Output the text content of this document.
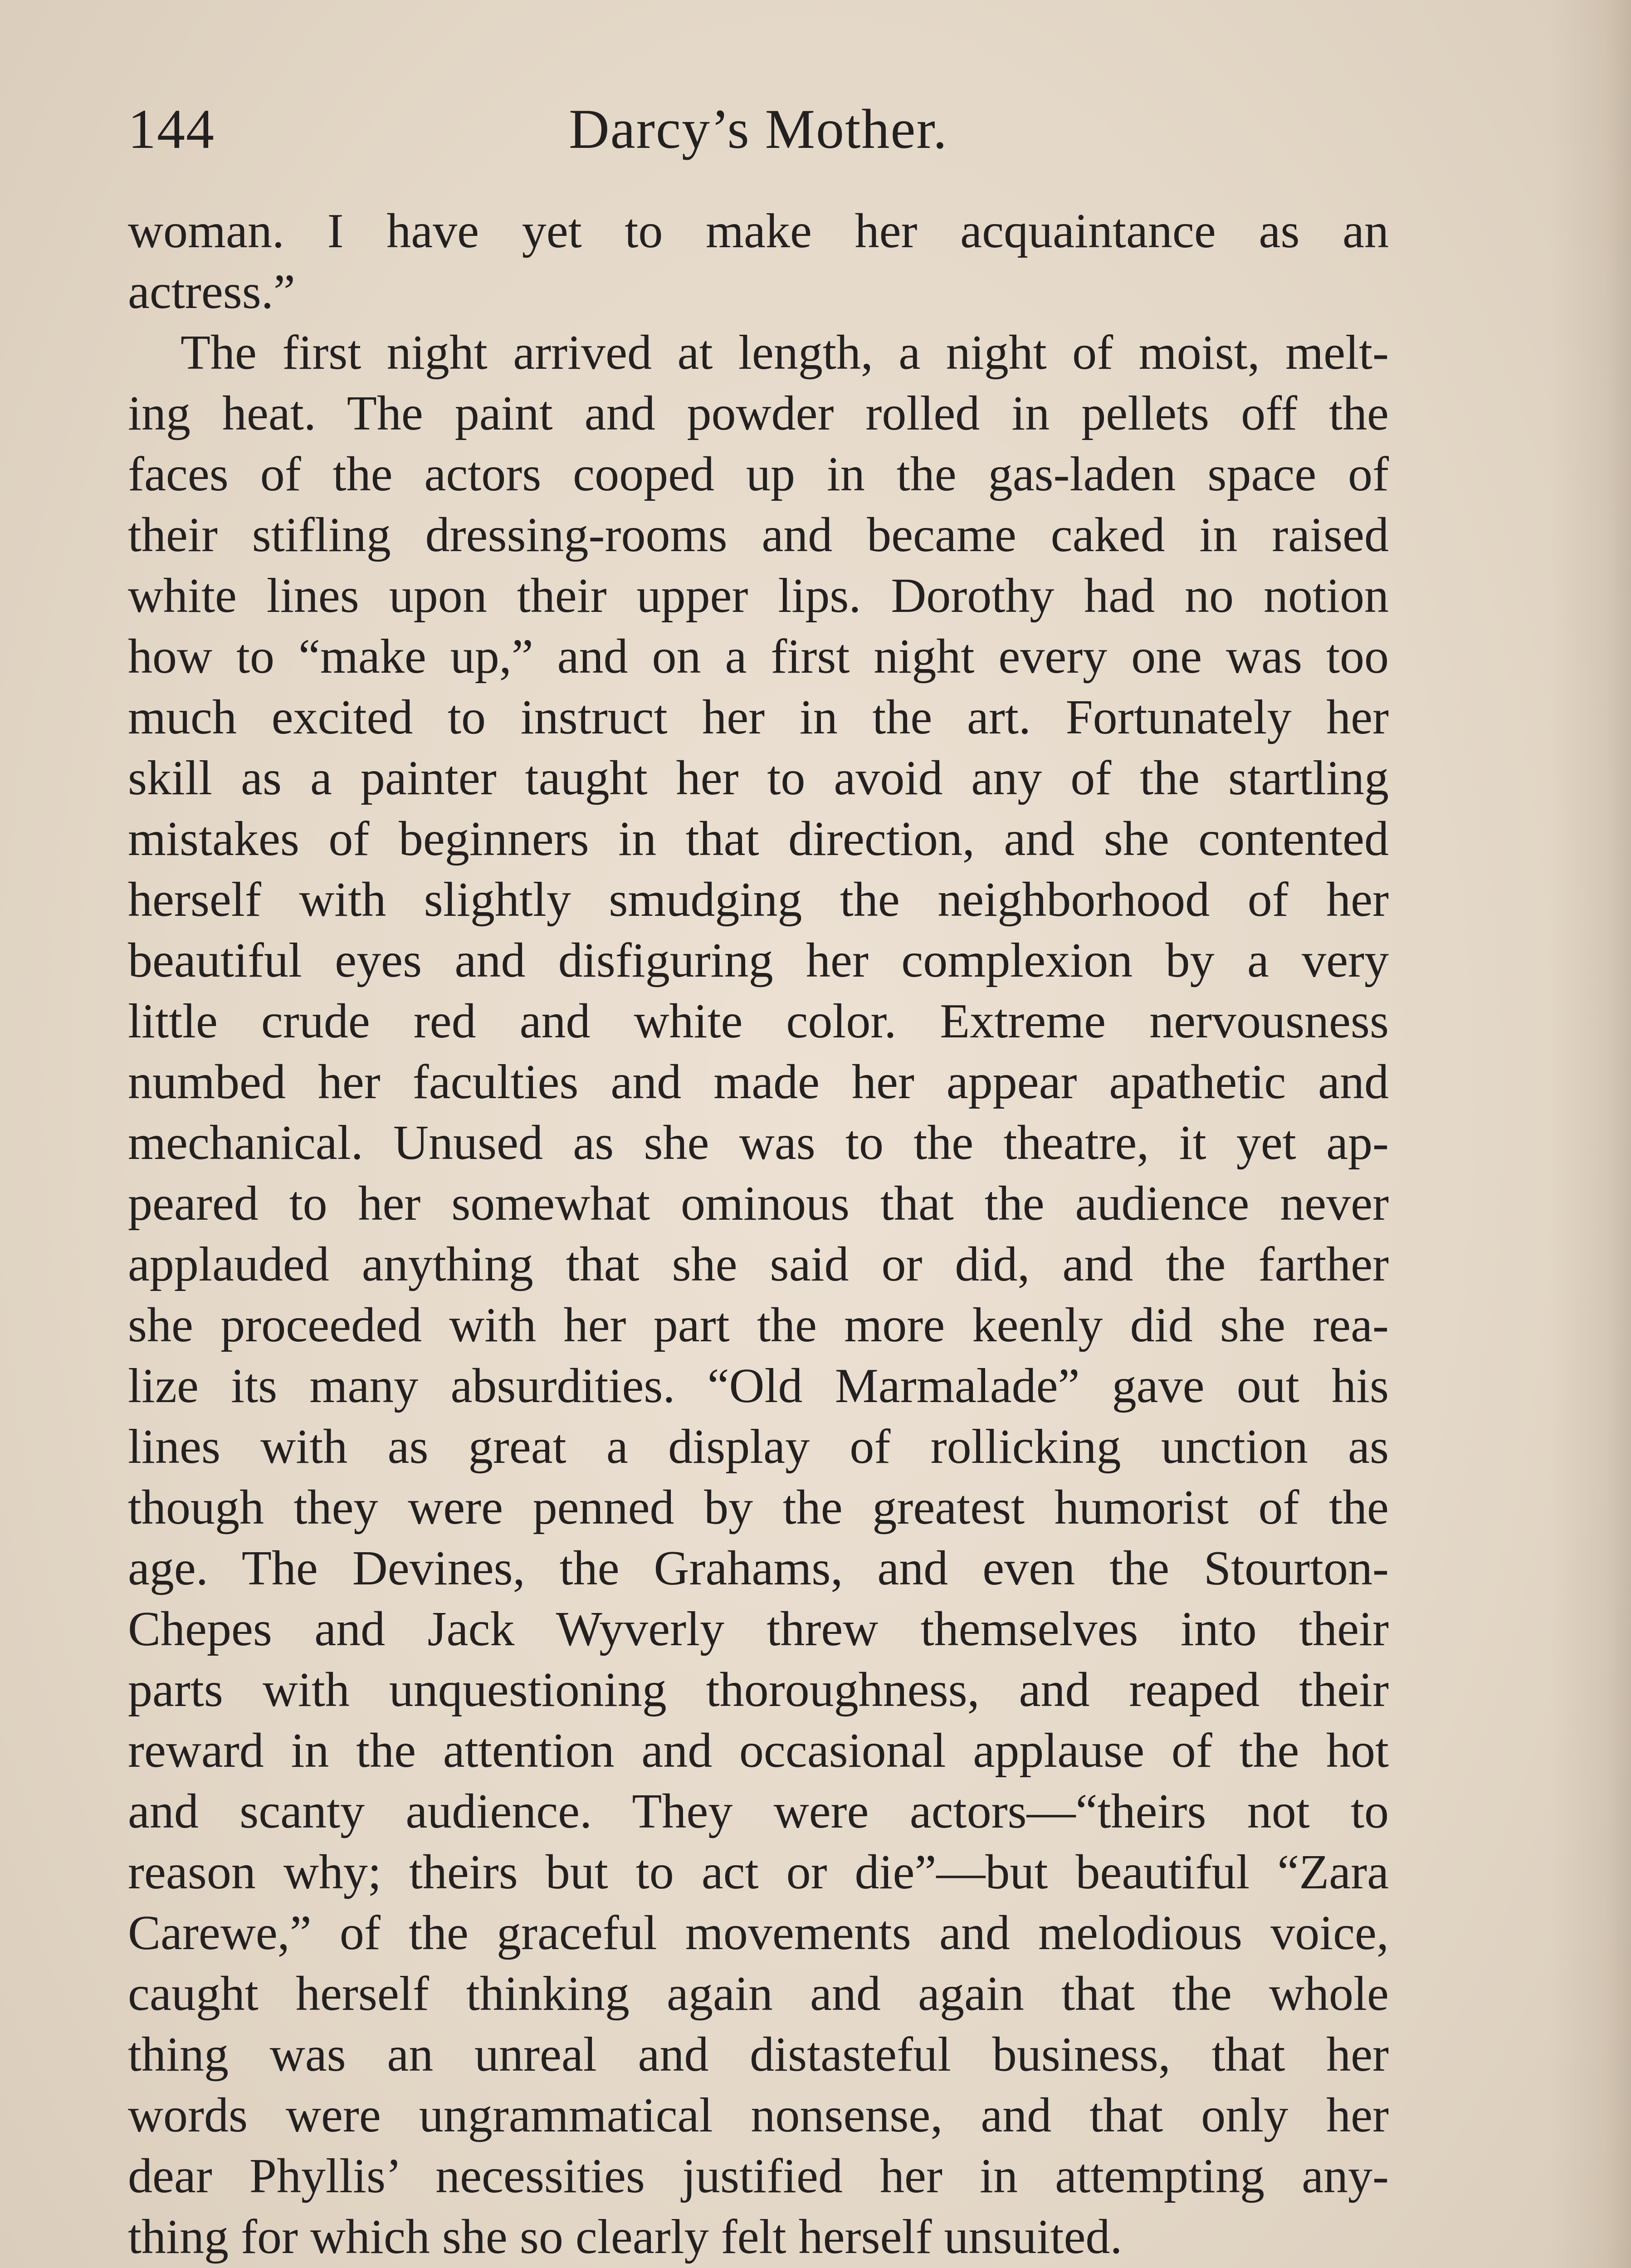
144	Darcy’s Mother.
woman. I have yet to make her acquaintance as an
actress.”
The first night arrived at length, a night of moist, melt-
ing heat. The paint and powder rolled in pellets off the
faces of the actors cooped up in the gas-laden space of
their stifling dressing-rooms and became caked in raised
white lines upon their upper lips. Dorothy had no notion
how to “make up,” and on a first night every one was too
much excited to instruct her in the art. Fortunately her
skill as a painter taught her to avoid any of the startling
mistakes of beginners in that direction, and she contented
herself with slightly smudging the neighborhood of her
beautiful eyes and disfiguring her complexion by a very
little crude red and white color. Extreme nervousness
numbed her faculties and made her appear apathetic and
mechanical. Unused as she was to the theatre, it yet ap-
peared to her somewhat ominous that the audience never
applauded anything that she said or did, and the farther
she proceeded with her part the more keenly did she rea-
lize its many absurdities. “Old Marmalade” gave out his
lines with as great a display of rollicking unction as
though they were penned by the greatest humorist of the
age. The Devines, the Grahams, and even the Stourton-
Chepes and Jack Wyverly threw themselves into their
parts with unquestioning thoroughness, and reaped their
reward in the attention and occasional applause of the hot
and scanty audience. They were actors—“theirs not to
reason why; theirs but to act or die”—but beautiful “Zara
Carewe,” of the graceful movements and melodious voice,
caught herself thinking again and again that the whole
thing was an unreal and distasteful business, that her
words were ungrammatical nonsense, and that only her
dear Phyllis’ necessities justified her in attempting any-
thing for which she so clearly felt herself unsuited.
